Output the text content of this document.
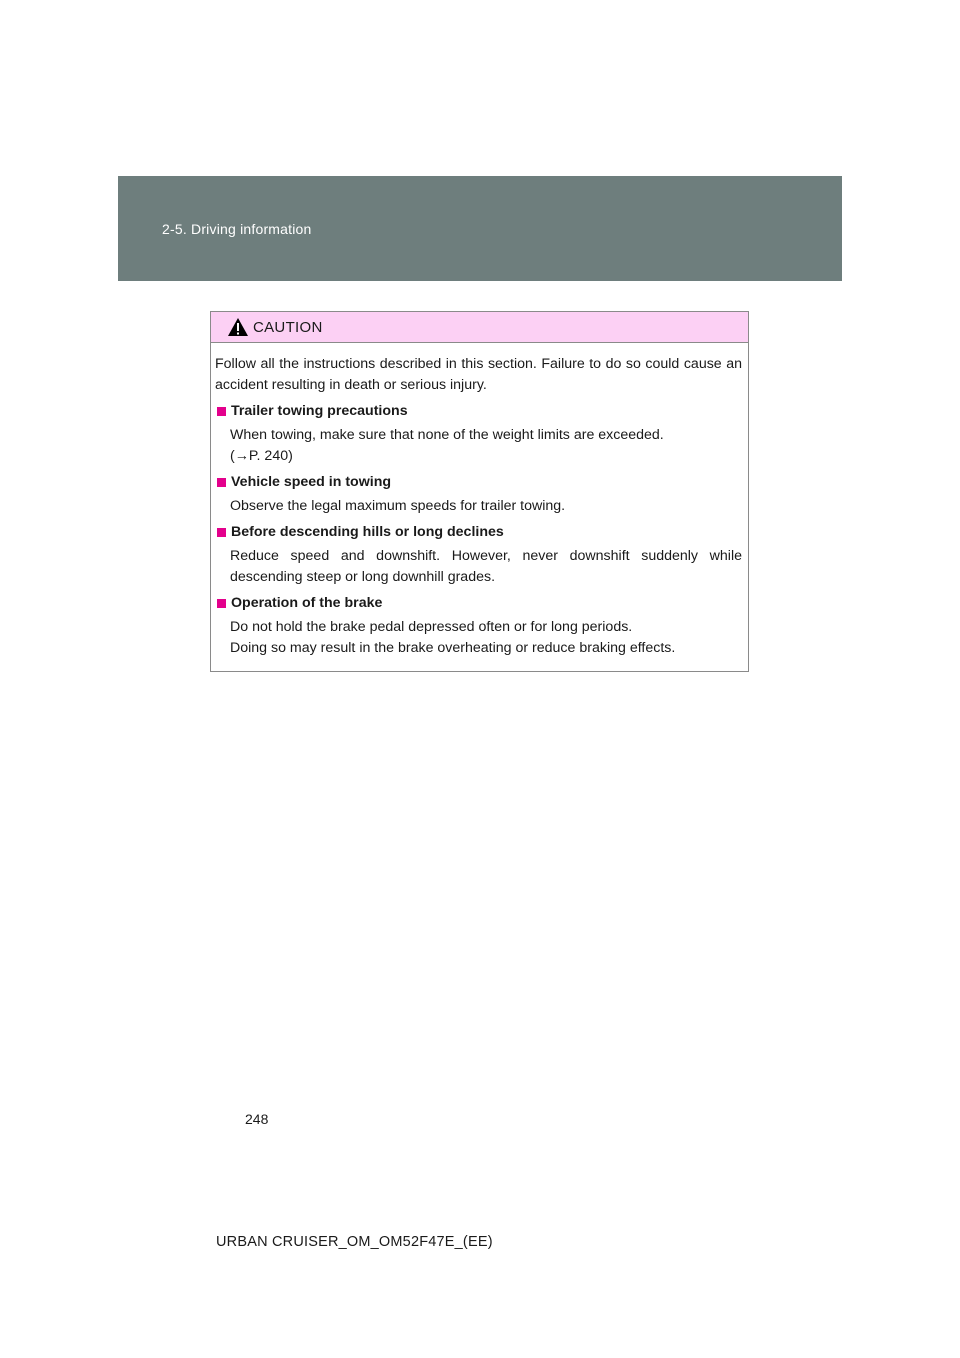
2-5. Driving information
CAUTION

Follow all the instructions described in this section. Failure to do so could cause an accident resulting in death or serious injury.

Trailer towing precautions

When towing, make sure that none of the weight limits are exceeded.
(→P. 240)

Vehicle speed in towing

Observe the legal maximum speeds for trailer towing.

Before descending hills or long declines

Reduce speed and downshift. However, never downshift suddenly while descending steep or long downhill grades.

Operation of the brake

Do not hold the brake pedal depressed often or for long periods.
Doing so may result in the brake overheating or reduce braking effects.

248
URBAN CRUISER_OM_OM52F47E_(EE)
